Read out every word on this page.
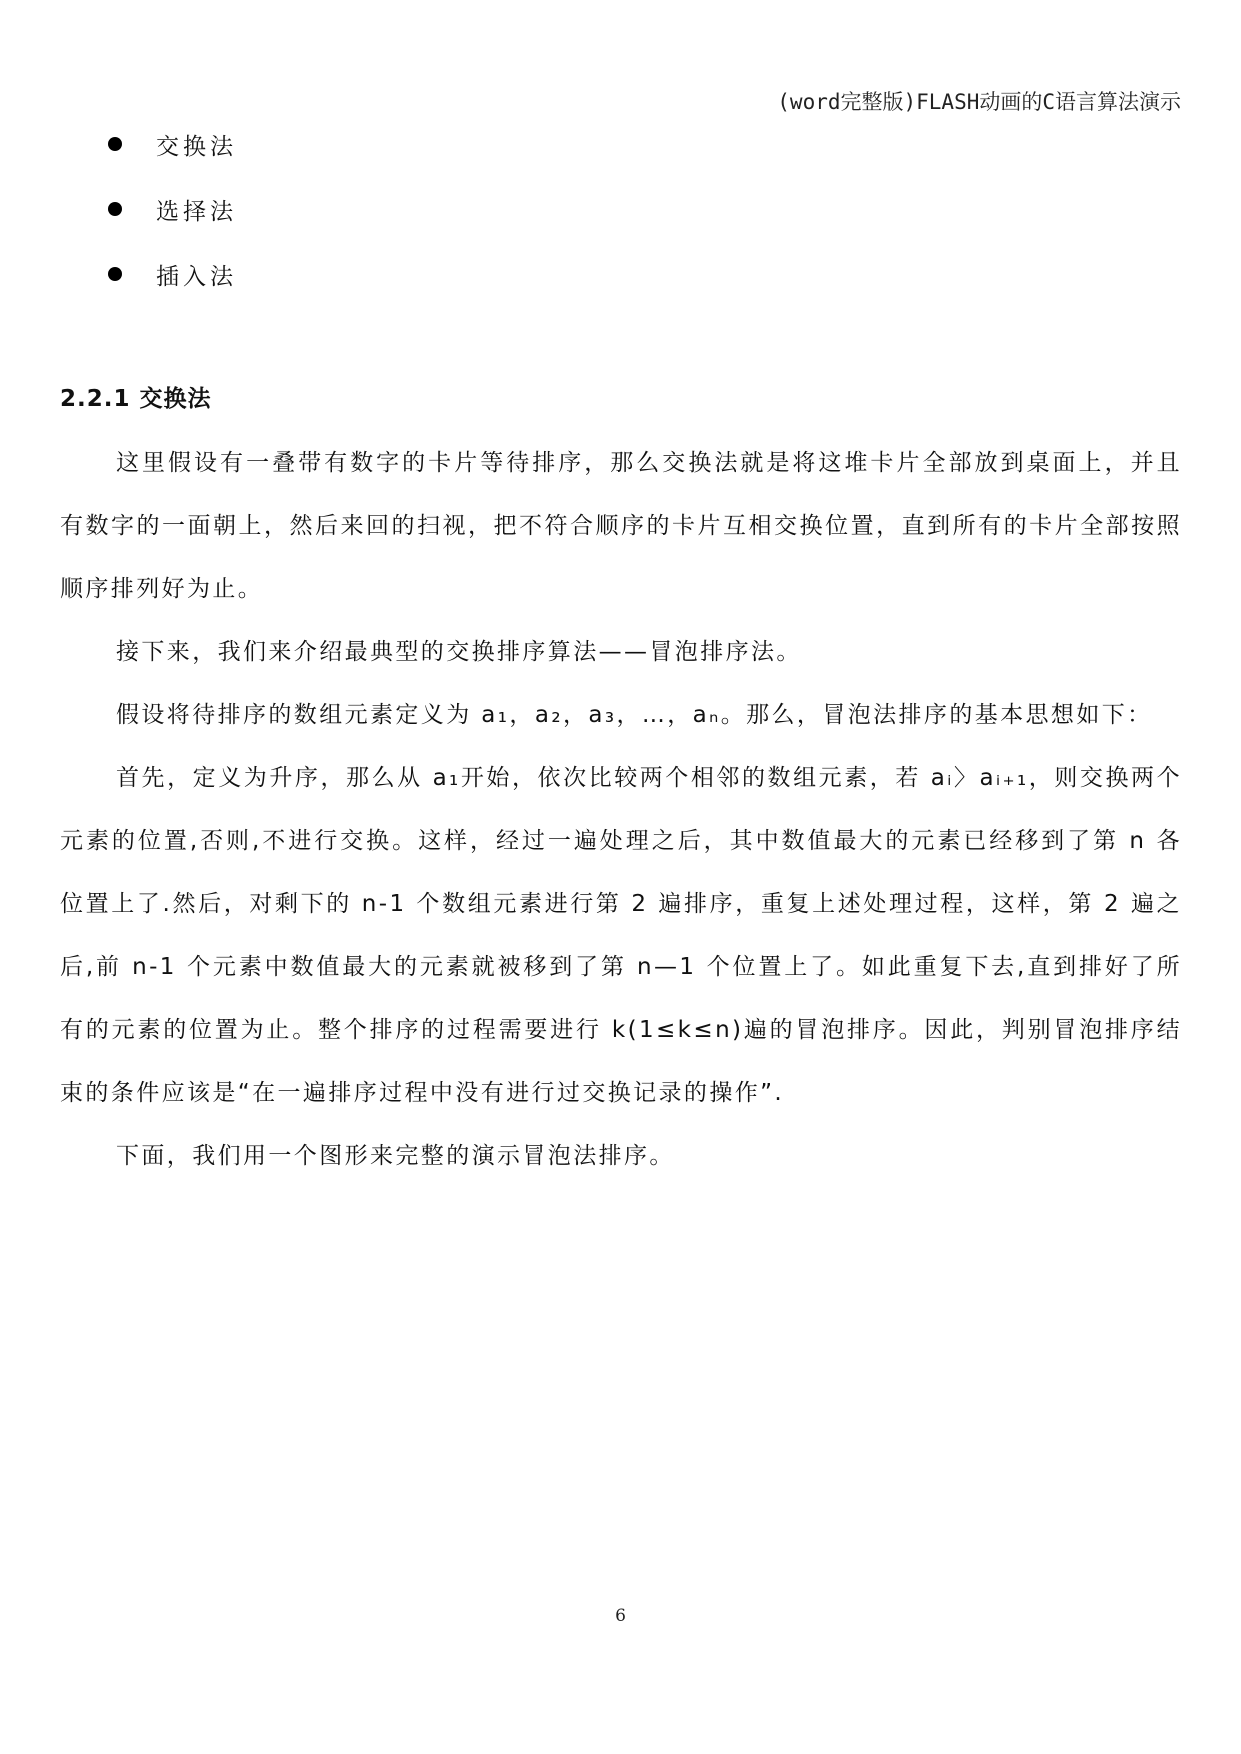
(word完整版)FLASH动画的C语言算法演示
交换法
选择法
插入法
2.2.1 交换法

这里假设有一叠带有数字的卡片等待排序，那么交换法就是将这堆卡片全部放到桌面上，并且有数字的一面朝上，然后来回的扫视，把不符合顺序的卡片互相交换位置，直到所有的卡片全部按照顺序排列好为止。

接下来，我们来介绍最典型的交换排序算法——冒泡排序法。

假设将待排序的数组元素定义为 a₁，a₂，a₃，…，aₙ。那么，冒泡法排序的基本思想如下：

首先，定义为升序，那么从 a₁开始，依次比较两个相邻的数组元素，若 aᵢ〉aᵢ₊₁，则交换两个元素的位置,否则,不进行交换。这样，经过一遍处理之后，其中数值最大的元素已经移到了第 n 各位置上了.然后，对剩下的 n-1 个数组元素进行第 2 遍排序，重复上述处理过程，这样，第 2 遍之后,前 n-1 个元素中数值最大的元素就被移到了第 n—1 个位置上了。如此重复下去,直到排好了所有的元素的位置为止。整个排序的过程需要进行 k(1≤k≤n)遍的冒泡排序。因此，判别冒泡排序结束的条件应该是“在一遍排序过程中没有进行过交换记录的操作”.

下面，我们用一个图形来完整的演示冒泡法排序。

6
